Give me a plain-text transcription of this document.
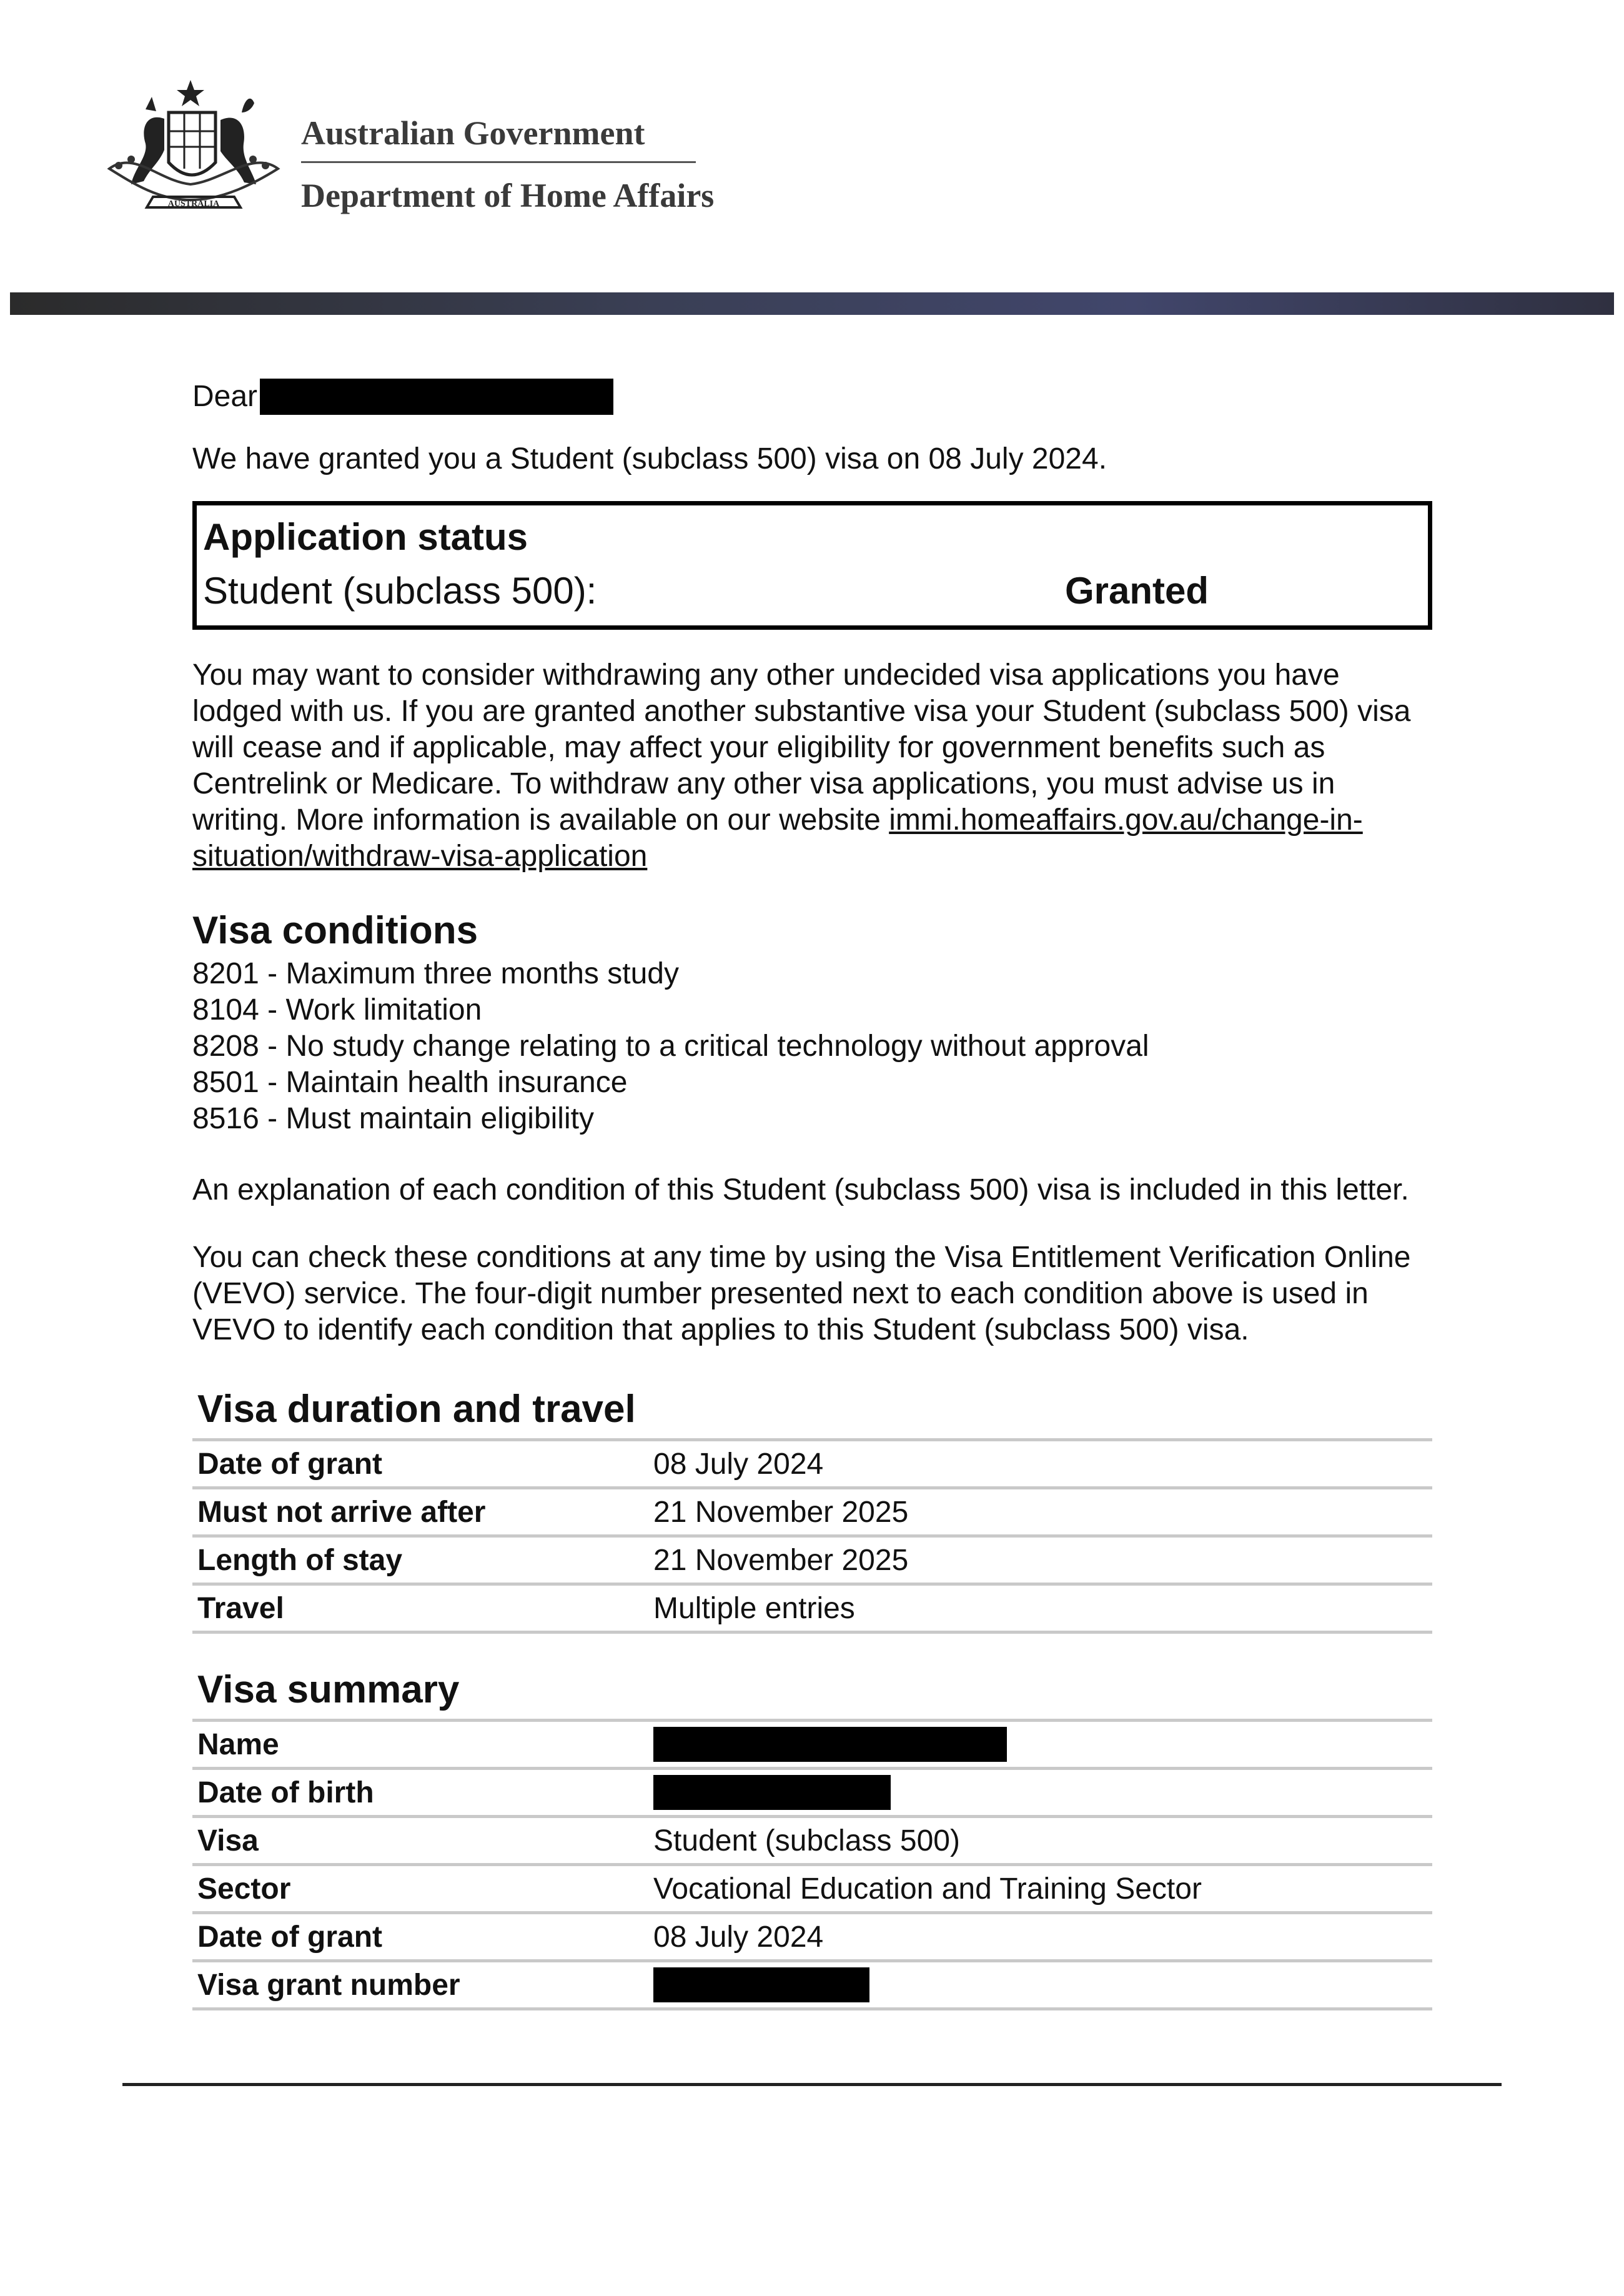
AUSTRALIA
Australian Government
Department of Home Affairs
Dear

We have granted you a Student (subclass 500) visa on 08 July 2024.

Application status
Student (subclass 500):	Granted

You may want to consider withdrawing any other undecided visa applications you have lodged with us. If you are granted another substantive visa your Student (subclass 500) visa will cease and if applicable, may affect your eligibility for government benefits such as Centrelink or Medicare. To withdraw any other visa applications, you must advise us in writing. More information is available on our website immi.homeaffairs.gov.au/change-in-situation/withdraw-visa-application

Visa conditions
8201 - Maximum three months study
8104 - Work limitation
8208 - No study change relating to a critical technology without approval
8501 - Maintain health insurance
8516 - Must maintain eligibility

An explanation of each condition of this Student (subclass 500) visa is included in this letter.

You can check these conditions at any time by using the Visa Entitlement Verification Online (VEVO) service. The four-digit number presented next to each condition above is used in VEVO to identify each condition that applies to this Student (subclass 500) visa.

Visa duration and travel
Date of grant	08 July 2024
Must not arrive after	21 November 2025
Length of stay	21 November 2025
Travel	Multiple entries
Visa summary
Name
Date of birth
Visa	Student (subclass 500)
Sector	Vocational Education and Training Sector
Date of grant	08 July 2024
Visa grant number
